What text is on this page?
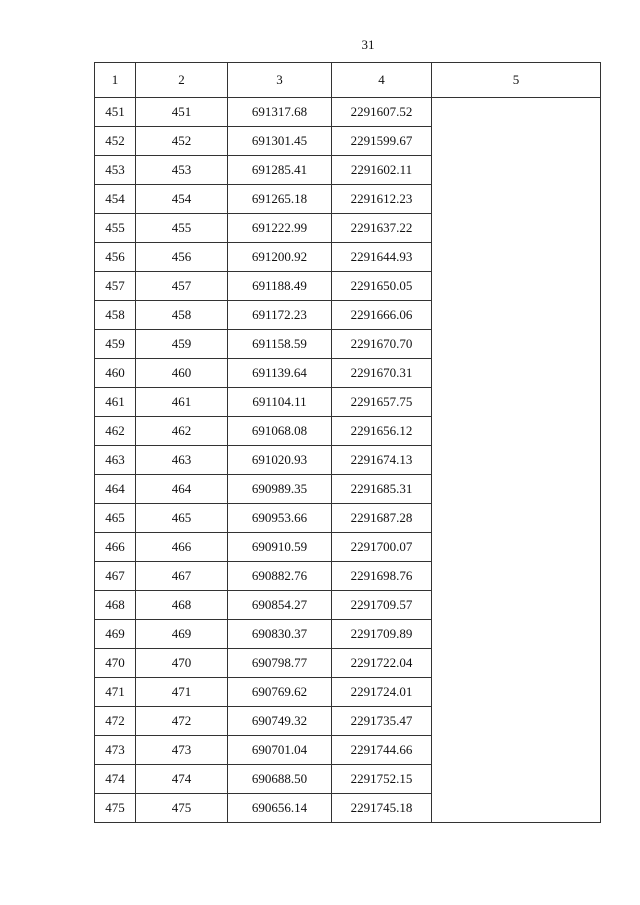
31
1	2	3	4	5
451	451	691317.68	2291607.52	
452	452	691301.45	2291599.67	
453	453	691285.41	2291602.11	
454	454	691265.18	2291612.23	
455	455	691222.99	2291637.22	
456	456	691200.92	2291644.93	
457	457	691188.49	2291650.05	
458	458	691172.23	2291666.06	
459	459	691158.59	2291670.70	
460	460	691139.64	2291670.31	
461	461	691104.11	2291657.75	
462	462	691068.08	2291656.12	
463	463	691020.93	2291674.13	
464	464	690989.35	2291685.31	
465	465	690953.66	2291687.28	
466	466	690910.59	2291700.07	
467	467	690882.76	2291698.76	
468	468	690854.27	2291709.57	
469	469	690830.37	2291709.89	
470	470	690798.77	2291722.04	
471	471	690769.62	2291724.01	
472	472	690749.32	2291735.47	
473	473	690701.04	2291744.66	
474	474	690688.50	2291752.15	
475	475	690656.14	2291745.18	
